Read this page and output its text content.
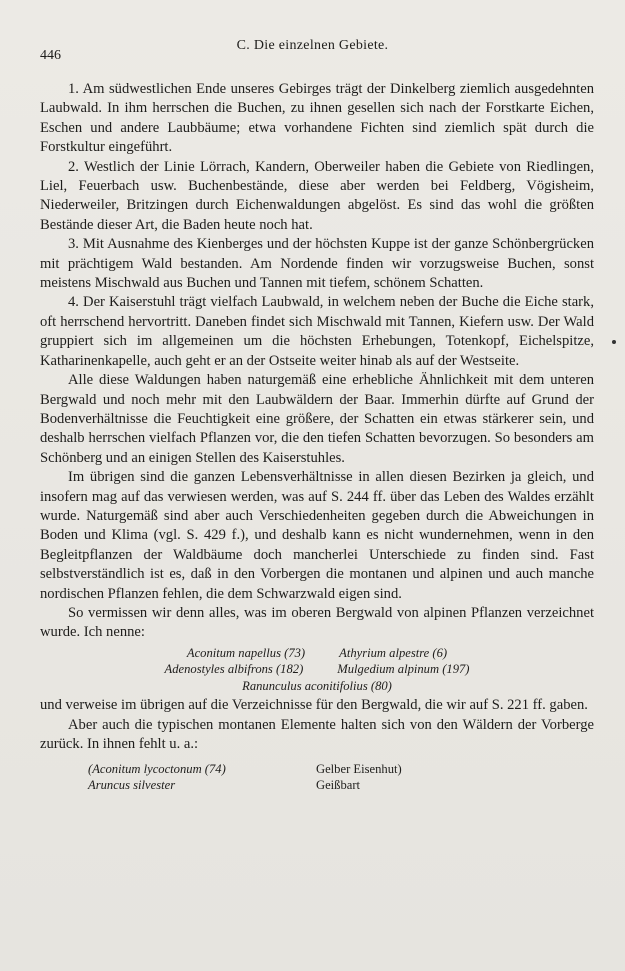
446
C. Die einzelnen Gebiete.

1. Am südwestlichen Ende unseres Gebirges trägt der Dinkelberg ziemlich ausgedehnten Laubwald. In ihm herrschen die Buchen, zu ihnen gesellen sich nach der Forstkarte Eichen, Eschen und andere Laubbäume; etwa vorhandene Fichten sind ziemlich spät durch die Forstkultur eingeführt.

2. Westlich der Linie Lörrach, Kandern, Oberweiler haben die Gebiete von Riedlingen, Liel, Feuerbach usw. Buchenbestände, diese aber werden bei Feldberg, Vögisheim, Niederweiler, Britzingen durch Eichenwaldungen abgelöst. Es sind das wohl die größten Bestände dieser Art, die Baden heute noch hat.

3. Mit Ausnahme des Kienberges und der höchsten Kuppe ist der ganze Schönbergrücken mit prächtigem Wald bestanden. Am Nordende finden wir vorzugsweise Buchen, sonst meistens Mischwald aus Buchen und Tannen mit tiefem, schönem Schatten.

4. Der Kaiserstuhl trägt vielfach Laubwald, in welchem neben der Buche die Eiche stark, oft herrschend hervortritt. Daneben findet sich Mischwald mit Tannen, Kiefern usw. Der Wald gruppiert sich im allgemeinen um die höchsten Erhebungen, Totenkopf, Eichelspitze, Katharinenkapelle, auch geht er an der Ostseite weiter hinab als auf der Westseite.

Alle diese Waldungen haben naturgemäß eine erhebliche Ähnlichkeit mit dem unteren Bergwald und noch mehr mit den Laubwäldern der Baar. Immerhin dürfte auf Grund der Bodenverhältnisse die Feuchtigkeit eine größere, der Schatten ein etwas stärkerer sein, und deshalb herrschen vielfach Pflanzen vor, die den tiefen Schatten bevorzugen. So besonders am Schönberg und an einigen Stellen des Kaiserstuhles.

Im übrigen sind die ganzen Lebensverhältnisse in allen diesen Bezirken ja gleich, und insofern mag auf das verwiesen werden, was auf S. 244 ff. über das Leben des Waldes erzählt wurde. Naturgemäß sind aber auch Verschiedenheiten gegeben durch die Abweichungen in Boden und Klima (vgl. S. 429 f.), und deshalb kann es nicht wundernehmen, wenn in den Begleitpflanzen der Waldbäume doch mancherlei Unterschiede zu finden sind. Fast selbstverständlich ist es, daß in den Vorbergen die montanen und alpinen und auch manche nordischen Pflanzen fehlen, die dem Schwarzwald eigen sind.

So vermissen wir denn alles, was im oberen Bergwald von alpinen Pflanzen verzeichnet wurde. Ich nenne:

Aconitum napellus (73)	Athyrium alpestre (6)
Adenostyles albifrons (182)	Mulgedium alpinum (197)
Ranunculus aconitifolius (80)

und verweise im übrigen auf die Verzeichnisse für den Bergwald, die wir auf S. 221 ff. gaben.

Aber auch die typischen montanen Elemente halten sich von den Wäldern der Vorberge zurück. In ihnen fehlt u. a.:

(Aconitum lycoctonum (74)	Gelber Eisenhut)
Aruncus silvester	Geißbart
